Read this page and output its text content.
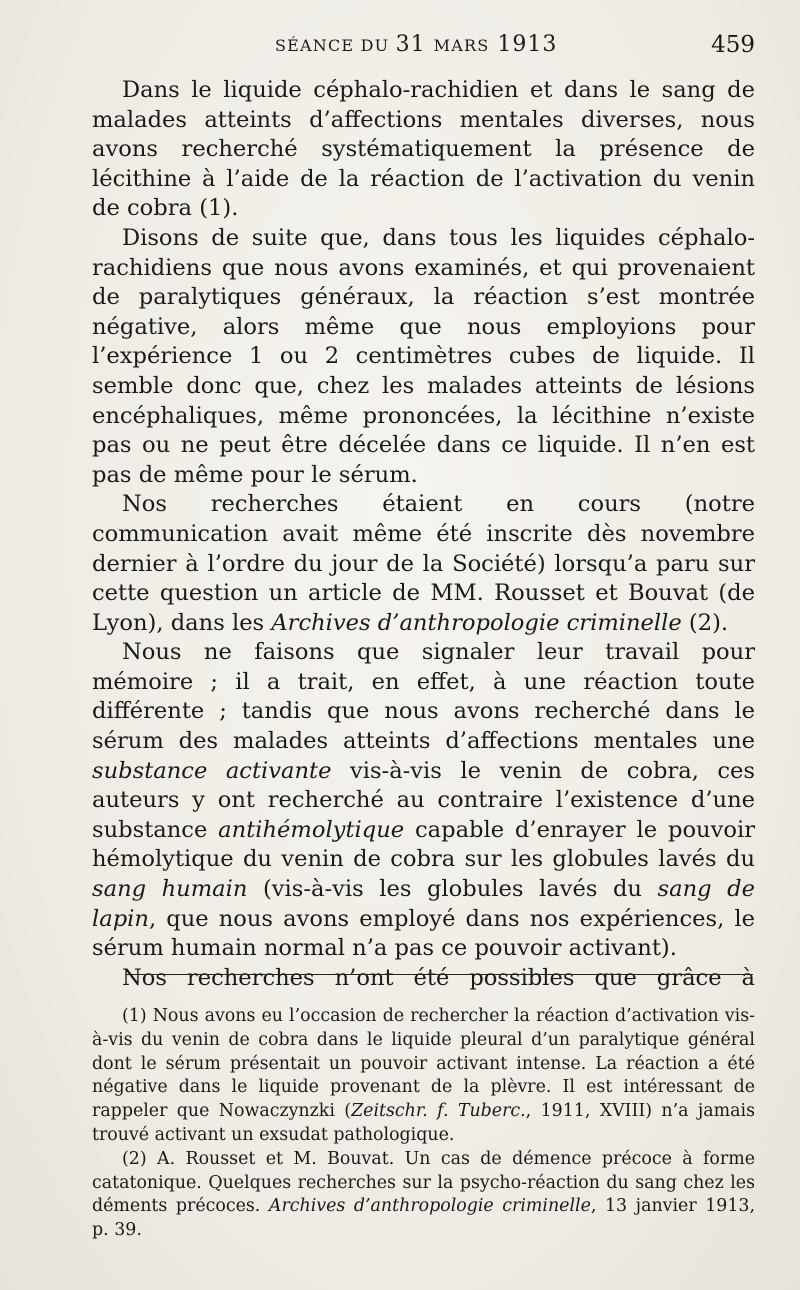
SÉANCE DU 31 MARS 1913	459

Dans le liquide céphalo-rachidien et dans le sang de malades atteints d’affections mentales diverses, nous avons recherché systématiquement la présence de lécithine à l’aide de la réaction de l’activation du venin de cobra (1).

Disons de suite que, dans tous les liquides céphalo-rachidiens que nous avons examinés, et qui provenaient de paralytiques généraux, la réaction s’est montrée négative, alors même que nous employions pour l’expérience 1 ou 2 centimètres cubes de liquide. Il semble donc que, chez les malades atteints de lésions encéphaliques, même prononcées, la lécithine n’existe pas ou ne peut être décelée dans ce liquide. Il n’en est pas de même pour le sérum.

Nos recherches étaient en cours (notre communication avait même été inscrite dès novembre dernier à l’ordre du jour de la Société) lorsqu’a paru sur cette question un article de MM. Rousset et Bouvat (de Lyon), dans les Archives d’anthropologie criminelle (2).

Nous ne faisons que signaler leur travail pour mémoire ; il a trait, en effet, à une réaction toute différente ; tandis que nous avons recherché dans le sérum des malades atteints d’affections mentales une substance activante vis-à-vis le venin de cobra, ces auteurs y ont recherché au contraire l’existence d’une substance antihémolytique capable d’enrayer le pouvoir hémolytique du venin de cobra sur les globules lavés du sang humain (vis-à-vis les globules lavés du sang de lapin, que nous avons employé dans nos expériences, le sérum humain normal n’a pas ce pouvoir activant).

Nos recherches n’ont été possibles que grâce à

(1) Nous avons eu l’occasion de rechercher la réaction d’activation vis-à-vis du venin de cobra dans le liquide pleural d’un paralytique général dont le sérum présentait un pouvoir activant intense. La réaction a été négative dans le liquide provenant de la plèvre. Il est intéressant de rappeler que Nowaczynzki (Zeitschr. f. Tuberc., 1911, XVIII) n’a jamais trouvé activant un exsudat pathologique.

(2) A. Rousset et M. Bouvat. Un cas de démence précoce à forme catatonique. Quelques recherches sur la psycho-réaction du sang chez les déments précoces. Archives d’anthropologie criminelle, 13 janvier 1913, p. 39.
